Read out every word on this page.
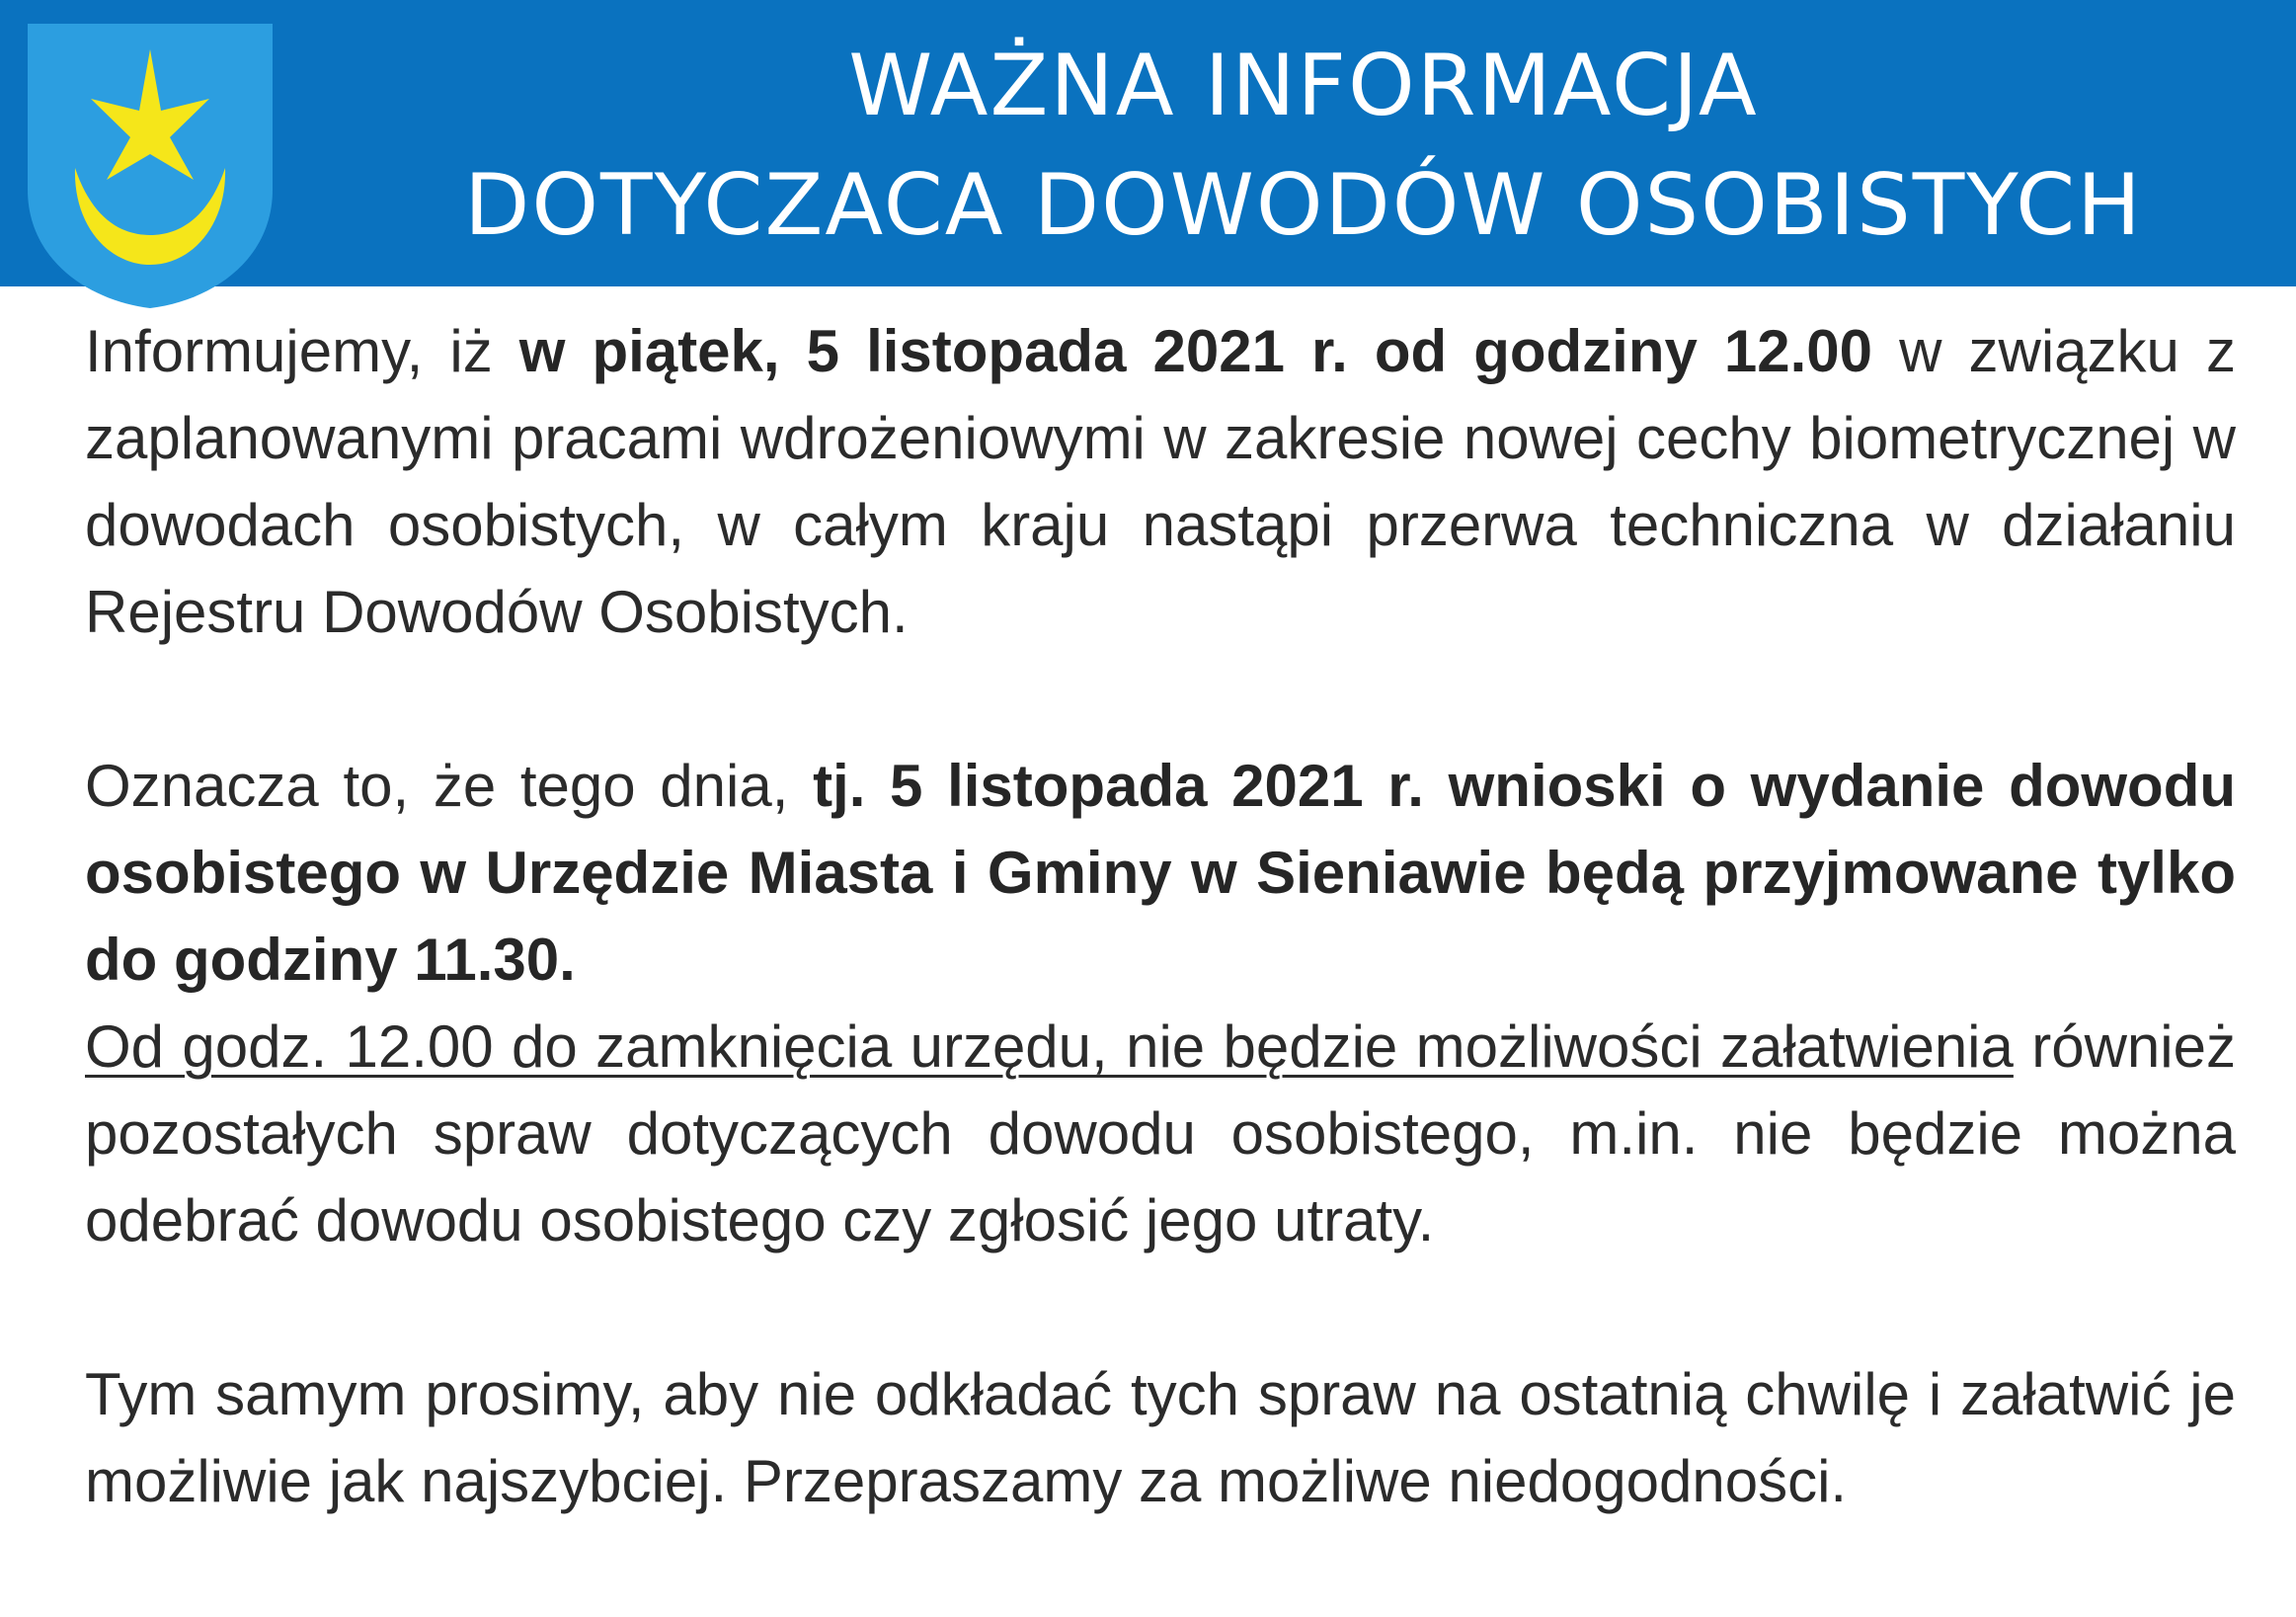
WAŻNA INFORMACJA
DOTYCZACA DOWODÓW OSOBISTYCH

Informujemy, iż w piątek, 5 listopada 2021 r. od godziny 12.00 w związku z zaplanowanymi pracami wdrożeniowymi w zakresie nowej cechy biometrycznej w dowodach osobistych, w całym kraju nastąpi przerwa techniczna w działaniu Rejestru Dowodów Osobistych.

Oznacza to, że tego dnia, tj. 5 listopada 2021 r. wnioski o wydanie dowodu osobistego w Urzędzie Miasta i Gminy w Sieniawie będą przyjmowane tylko do godziny 11.30.

Od godz. 12.00 do zamknięcia urzędu, nie będzie możliwości załatwienia również pozostałych spraw dotyczących dowodu osobistego, m.in. nie będzie można odebrać dowodu osobistego czy zgłosić jego utraty.

Tym samym prosimy, aby nie odkładać tych spraw na ostatnią chwilę i załatwić je możliwie jak najszybciej. Przepraszamy za możliwe niedogodności.
